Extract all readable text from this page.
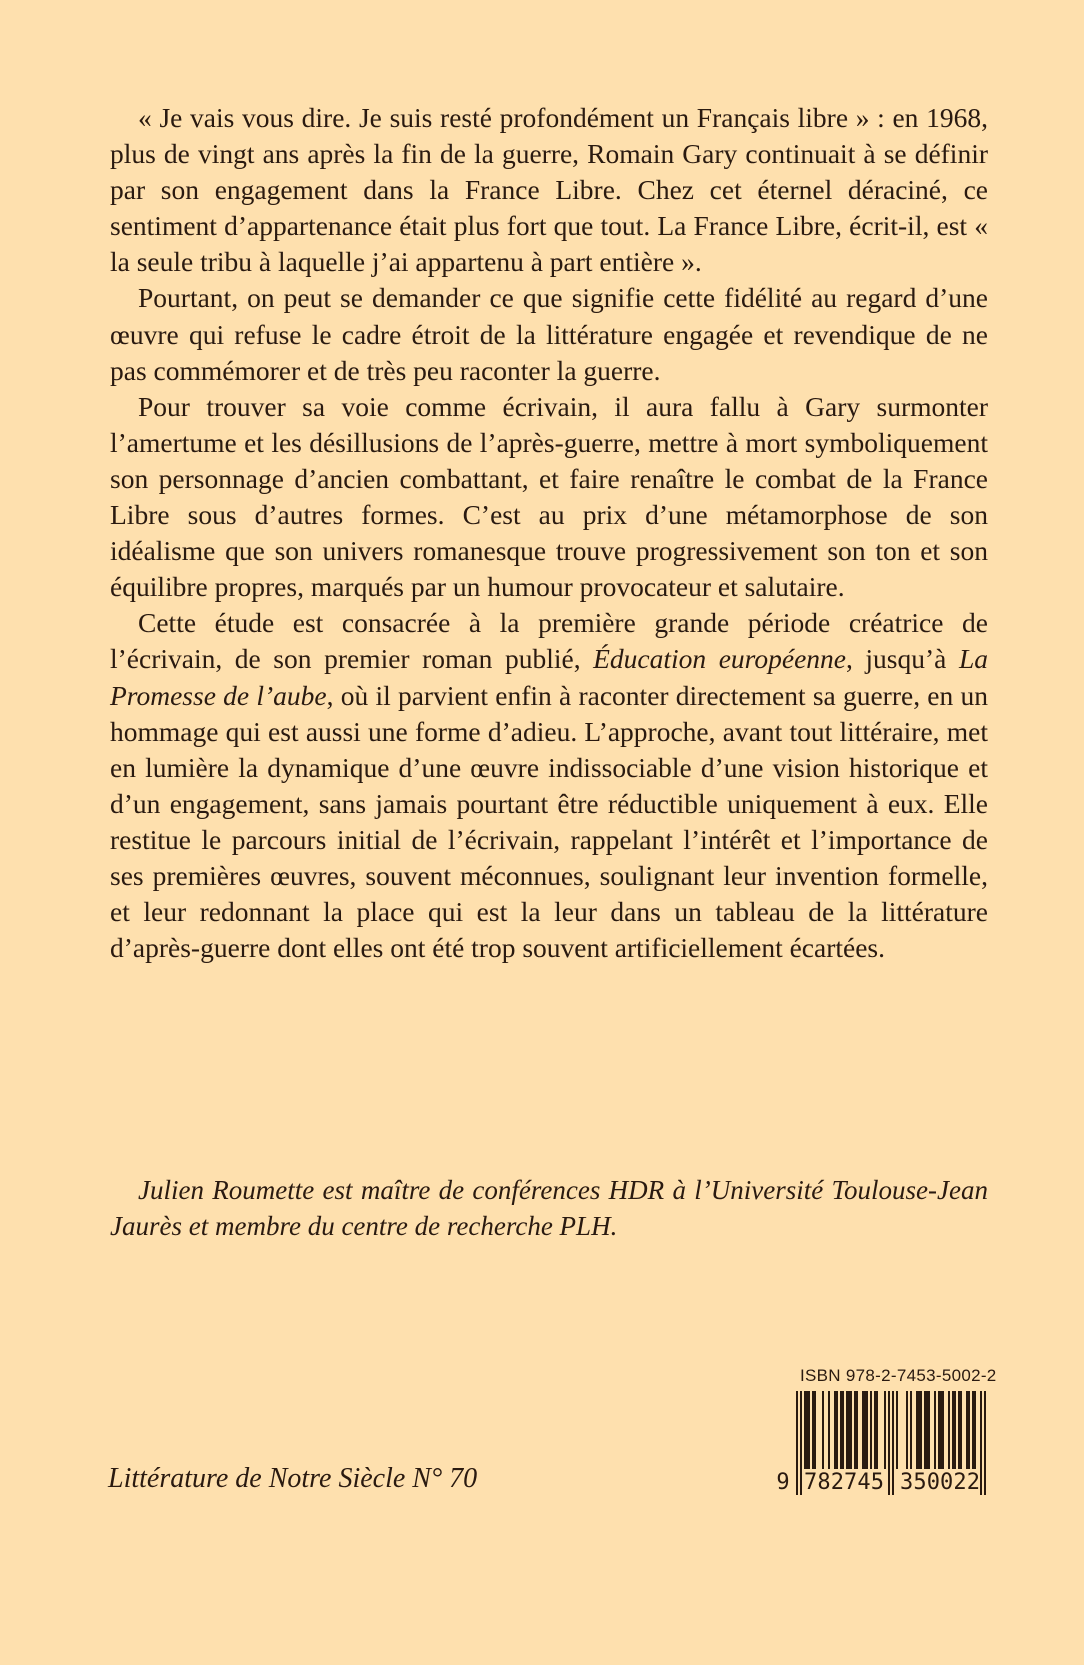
« Je vais vous dire. Je suis resté profondément un Français libre » : en 1968, plus de vingt ans après la fin de la guerre, Romain Gary continuait à se définir par son engagement dans la France Libre. Chez cet éternel déraciné, ce sentiment d’appartenance était plus fort que tout. La France Libre, écrit-il, est « la seule tribu à laquelle j’ai appartenu à part entière ».

Pourtant, on peut se demander ce que signifie cette fidélité au regard d’une œuvre qui refuse le cadre étroit de la littérature engagée et revendique de ne pas commémorer et de très peu raconter la guerre.

Pour trouver sa voie comme écrivain, il aura fallu à Gary surmonter l’amertume et les désillusions de l’après-guerre, mettre à mort symboliquement son personnage d’ancien combattant, et faire renaître le combat de la France Libre sous d’autres formes. C’est au prix d’une métamorphose de son idéalisme que son univers romanesque trouve progressivement son ton et son équilibre propres, marqués par un humour provocateur et salutaire.

Cette étude est consacrée à la première grande période créatrice de l’écrivain, de son premier roman publié, Éducation européenne, jusqu’à La Promesse de l’aube, où il parvient enfin à raconter directement sa guerre, en un hommage qui est aussi une forme d’adieu. L’approche, avant tout littéraire, met en lumière la dynamique d’une œuvre indissociable d’une vision historique et d’un engagement, sans jamais pourtant être réductible uniquement à eux. Elle restitue le parcours initial de l’écrivain, rappelant l’intérêt et l’importance de ses premières œuvres, souvent méconnues, soulignant leur invention formelle, et leur redonnant la place qui est la leur dans un tableau de la littérature d’après-guerre dont elles ont été trop souvent artificiellement écartées.

Julien Roumette est maître de conférences HDR à l’Université Toulouse-Jean Jaurès et membre du centre de recherche PLH.

Littérature de Notre Siècle N° 70
ISBN 978-2-7453-5002-2
9 782745 350022
